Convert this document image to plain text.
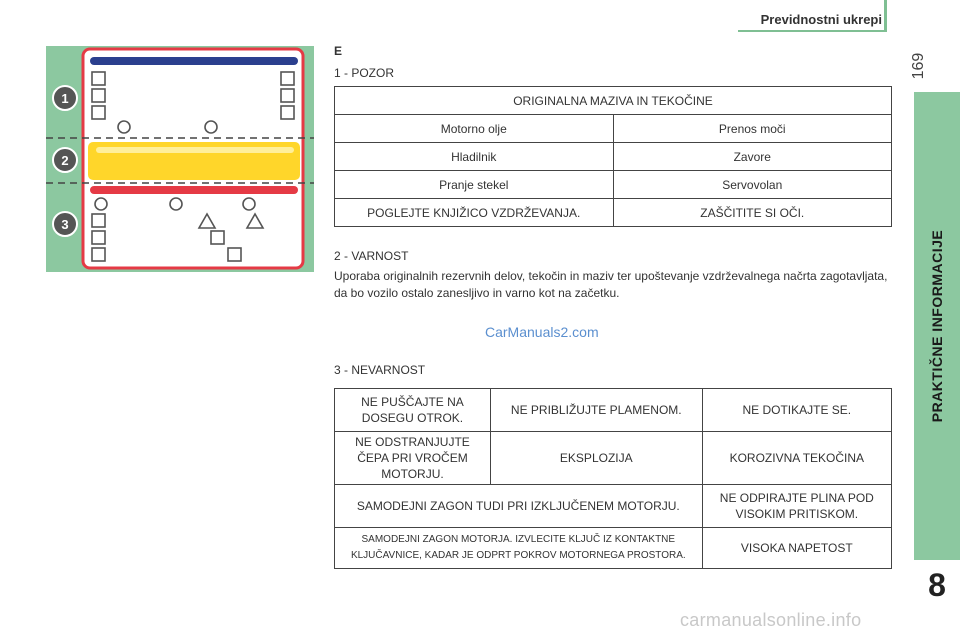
Previdnostni ukrepi
169
PRAKTIČNE INFORMACIJE
8
1
2
3
E
1 - POZOR
ORIGINALNA MAZIVA IN TEKOČINE	
Motorno olje	Prenos moči
Hladilnik	Zavore
Pranje stekel	Servovolan
POGLEJTE KNJIŽICO VZDRŽEVANJA.	ZAŠČITITE SI OČI.
2 - VARNOST
Uporaba originalnih rezervnih delov, tekočin in maziv ter upoštevanje vzdrževalnega načrta zagotavljata, da bo vozilo ostalo zanesljivo in varno kot na začetku.
CarManuals2.com
3 - NEVARNOST
NE PUŠČAJTE NA DOSEGU OTROK.	NE PRIBLIŽUJTE PLAMENOM.	NE DOTIKAJTE SE.
NE ODSTRANJUJTE ČEPA PRI VROČEM MOTORJU.	EKSPLOZIJA	KOROZIVNA TEKOČINA
SAMODEJNI ZAGON TUDI PRI IZKLJUČENEM MOTORJU.		NE ODPIRAJTE PLINA POD VISOKIM PRITISKOM.
SAMODEJNI ZAGON MOTORJA. IZVLECITE KLJUČ IZ KONTAKTNE KLJUČAVNICE, KADAR JE ODPRT POKROV MOTORNEGA PROSTORA.		VISOKA NAPETOST
carmanualsonline.info
